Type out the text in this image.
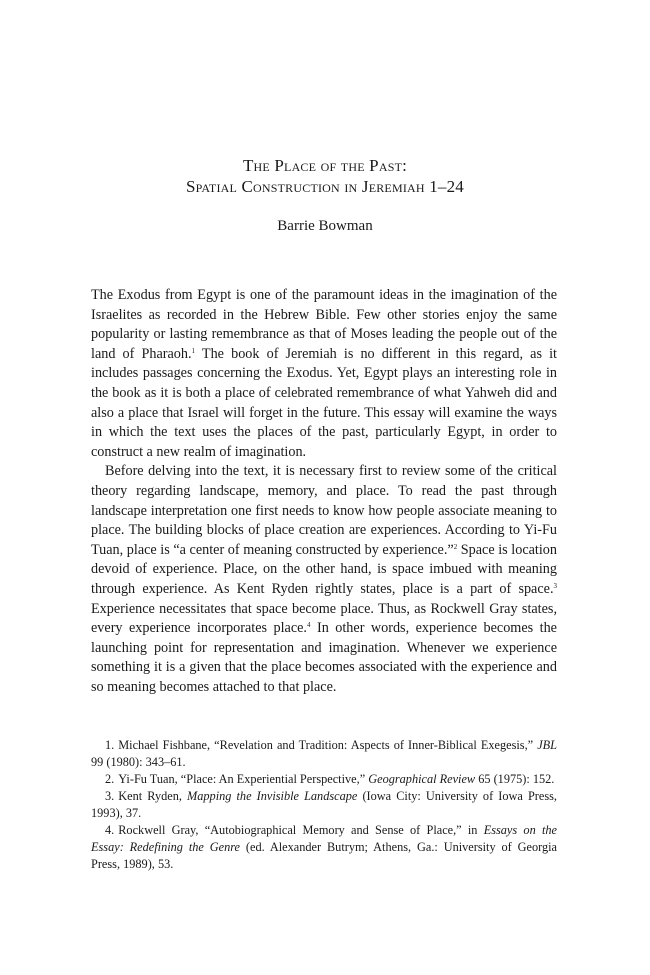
The Place of the Past:
Spatial Construction in Jeremiah 1–24
Barrie Bowman

The Exodus from Egypt is one of the paramount ideas in the imagination of the Israelites as recorded in the Hebrew Bible. Few other stories enjoy the same popularity or lasting remembrance as that of Moses leading the people out of the land of Pharaoh.$^1$ The book of Jeremiah is no different in this regard, as it includes passages concerning the Exodus. Yet, Egypt plays an interesting role in the book as it is both a place of celebrated remembrance of what Yahweh did and also a place that Israel will forget in the future. This essay will examine the ways in which the text uses the places of the past, particularly Egypt, in order to construct a new realm of imagination.

Before delving into the text, it is necessary first to review some of the critical theory regarding landscape, memory, and place. To read the past through landscape interpretation one first needs to know how people associate meaning to place. The building blocks of place creation are experiences. According to Yi-Fu Tuan, place is “a center of meaning constructed by experience.”$^2$ Space is location devoid of experience. Place, on the other hand, is space imbued with meaning through experience. As Kent Ryden rightly states, place is a part of space.$^3$ Experience necessitates that space become place. Thus, as Rockwell Gray states, every experience incorporates place.$^4$ In other words, experience becomes the launching point for representation and imagination. Whenever we experience something it is a given that the place becomes associated with the experience and so meaning becomes attached to that place.

1. Michael Fishbane, “Revelation and Tradition: Aspects of Inner-Biblical Exegesis,” JBL 99 (1980): 343–61.

2. Yi-Fu Tuan, “Place: An Experiential Perspective,” Geographical Review 65 (1975): 152.

3. Kent Ryden, Mapping the Invisible Landscape (Iowa City: University of Iowa Press, 1993), 37.

4. Rockwell Gray, “Autobiographical Memory and Sense of Place,” in Essays on the Essay: Redefining the Genre (ed. Alexander Butrym; Athens, Ga.: University of Georgia Press, 1989), 53.
